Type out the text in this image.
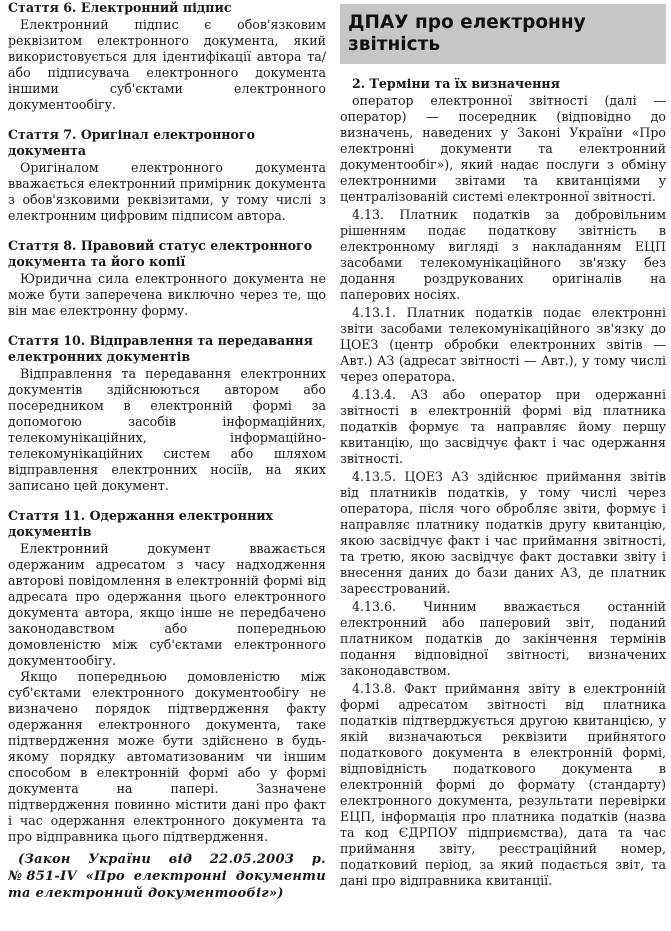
Стаття 6. Електронний підпис

Електронний підпис є обов'язковим реквізитом електронного документа, який використовується для ідентифікації автора та/або підписувача електронного документа іншими суб'єктами електронного документообігу.

Стаття 7. Оригінал електронного документа

Оригіналом електронного документа вважається електронний примірник документа з обов'язковими реквізитами, у тому числі з електронним цифровим підписом автора.

Стаття 8. Правовий статус електронного документа та його копії

Юридична сила електронного документа не може бути заперечена виключно через те, що він має електронну форму.

Стаття 10. Відправлення та передавання електронних документів

Відправлення та передавання електронних документів здійснюються автором або посередником в електронній формі за допомогою засобів інформаційних, телекомунікаційних, інформаційно-телекомунікаційних систем або шляхом відправлення електронних носіїв, на яких записано цей документ.

Стаття 11. Одержання електронних документів

Електронний документ вважається одержаним адресатом з часу надходження авторові повідомлення в електронній формі від адресата про одержання цього електронного документа автора, якщо інше не передбачено законодавством або попередньою домовленістю між суб'єктами електронного документообігу.

Якщо попередньою домовленістю між суб'єктами електронного документообігу не визначено порядок підтвердження факту одержання електронного документа, таке підтвердження може бути здійснено в будь-якому порядку автоматизованим чи іншим способом в електронній формі або у формі документа на папері. Зазначене підтвердження повинно містити дані про факт і час одержання електронного документа та про відправника цього підтвердження.

(Закон України від 22.05.2003 р. №851-IV «Про електронні документи та електронний документообіг»)

ДПАУ про електронну звітність
2. Терміни та їх визначення

оператор електронної звітності (далі — оператор) — посередник (відповідно до визначень, наведених у Законі України «Про електронні документи та електронний документообіг»), який надає послуги з обміну електронними звітами та квитанціями у централізованій системі електронної звітності.

4.13. Платник податків за добровільним рішенням подає податкову звітність в електронному вигляді з накладанням ЕЦП засобами телекомунікаційного зв'язку без додання роздрукованих оригіналів на паперових носіях.

4.13.1. Платник податків подає електронні звіти засобами телекомунікаційного зв'язку до ЦОЕЗ (центр обробки електронних звітів — Авт.) АЗ (адресат звітності — Авт.), у тому числі через оператора.

4.13.4. АЗ або оператор при одержанні звітності в електронній формі від платника податків формує та направляє йому першу квитанцію, що засвідчує факт і час одержання звітності.

4.13.5. ЦОЕЗ АЗ здійснює приймання звітів від платників податків, у тому числі через оператора, після чого обробляє звіти, формує і направляє платнику податків другу квитанцію, якою засвідчує факт і час приймання звітності, та третю, якою засвідчує факт доставки звіту і внесення даних до бази даних АЗ, де платник зареєстрований.

4.13.6. Чинним вважається останній електронний або паперовий звіт, поданий платником податків до закінчення термінів подання відповідної звітності, визначених законодавством.

4.13.8. Факт приймання звіту в електронній формі адресатом звітності від платника податків підтверджується другою квитанцією, у якій визначаються реквізити прийнятого податкового документа в електронній формі, відповідність податкового документа в електронній формі до формату (стандарту) електронного документа, результати перевірки ЕЦП, інформація про платника податків (назва та код ЄДРПОУ підприємства), дата та час приймання звіту, реєстраційний номер, податковий період, за який подається звіт, та дані про відправника квитанції.
